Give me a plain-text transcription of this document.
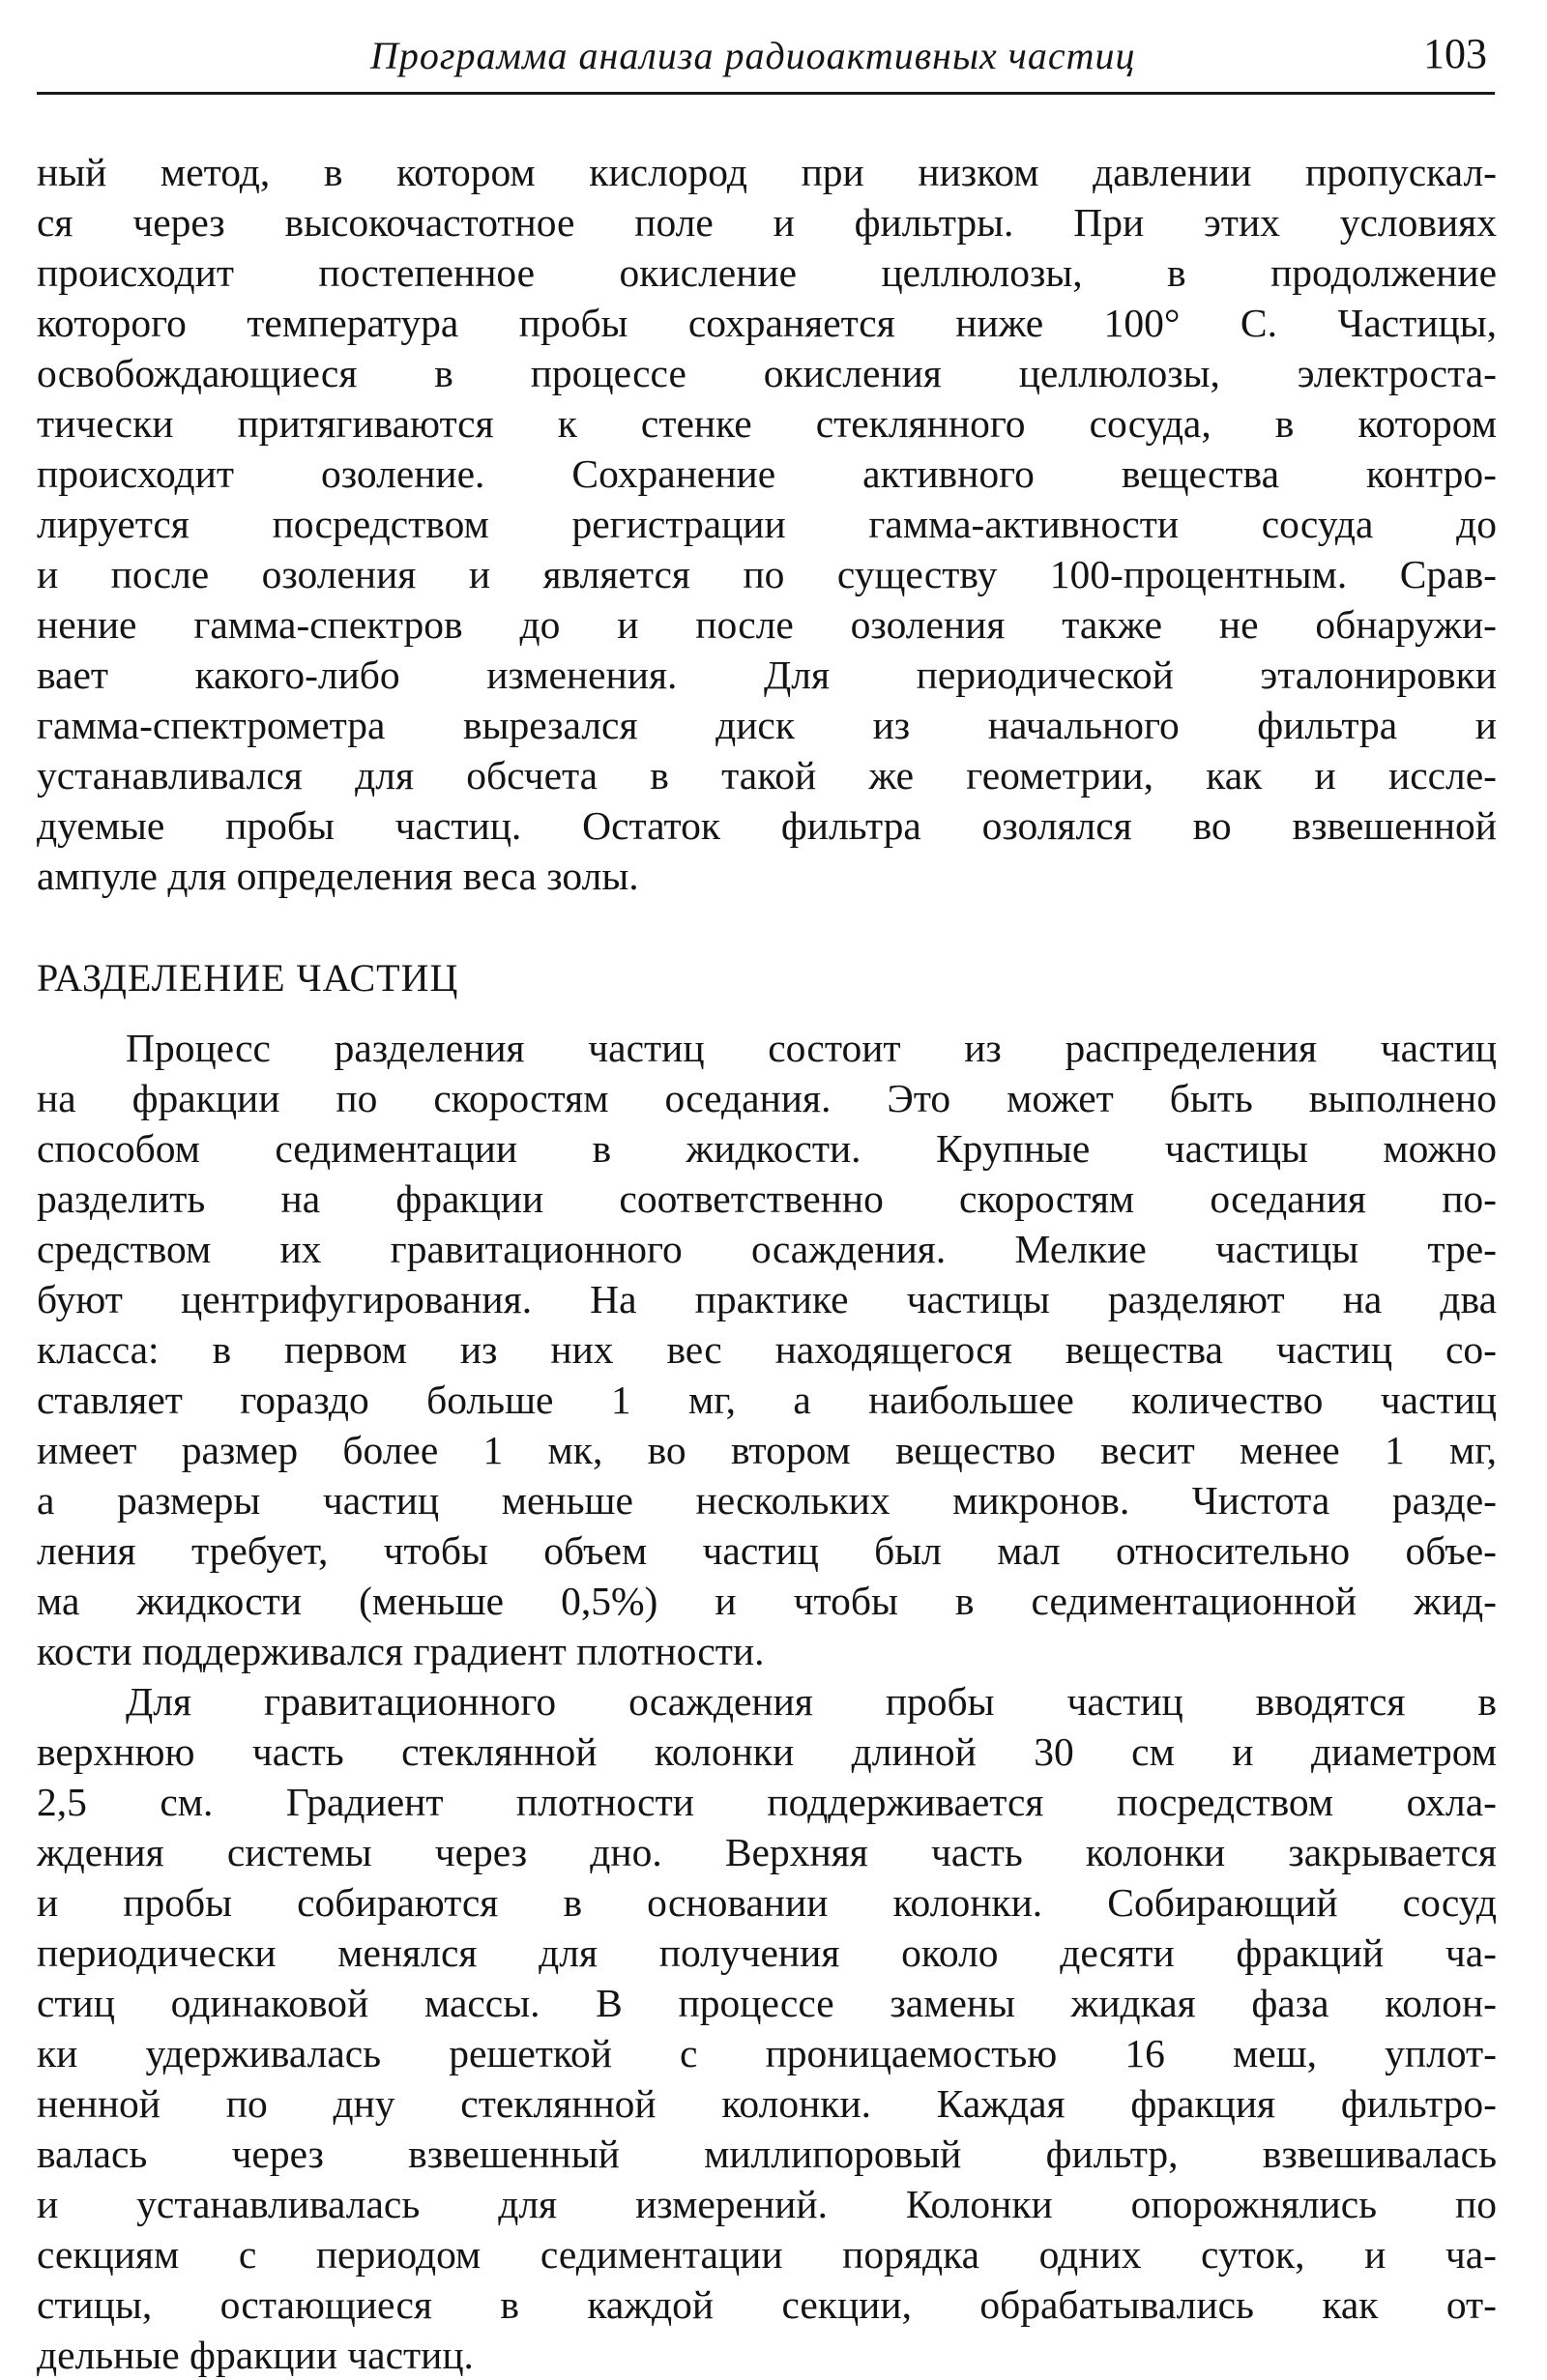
Программа анализа радиоактивных частиц	103
ный метод, в котором кислород при низком давлении пропускал-
ся через высокочастотное поле и фильтры. При этих условиях
происходит постепенное окисление целлюлозы, в продолжение
которого температура пробы сохраняется ниже 100° С. Частицы,
освобождающиеся в процессе окисления целлюлозы, электроста-
тически притягиваются к стенке стеклянного сосуда, в котором
происходит озоление. Сохранение активного вещества контро-
лируется посредством регистрации гамма-активности сосуда до
и после озоления и является по существу 100-процентным. Срав-
нение гамма-спектров до и после озоления также не обнаружи-
вает какого-либо изменения. Для периодической эталонировки
гамма-спектрометра вырезался диск из начального фильтра и
устанавливался для обсчета в такой же геометрии, как и иссле-
дуемые пробы частиц. Остаток фильтра озолялся во взвешенной
ампуле для определения веса золы.
РАЗДЕЛЕНИЕ ЧАСТИЦ
Процесс разделения частиц состоит из распределения частиц
на фракции по скоростям оседания. Это может быть выполнено
способом седиментации в жидкости. Крупные частицы можно
разделить на фракции соответственно скоростям оседания по-
средством их гравитационного осаждения. Мелкие частицы тре-
буют центрифугирования. На практике частицы разделяют на два
класса: в первом из них вес находящегося вещества частиц со-
ставляет гораздо больше 1 мг, а наибольшее количество частиц
имеет размер более 1 мк, во втором вещество весит менее 1 мг,
а размеры частиц меньше нескольких микронов. Чистота разде-
ления требует, чтобы объем частиц был мал относительно объе-
ма жидкости (меньше 0,5%) и чтобы в седиментационной жид-
кости поддерживался градиент плотности.
Для гравитационного осаждения пробы частиц вводятся в
верхнюю часть стеклянной колонки длиной 30 см и диаметром
2,5 см. Градиент плотности поддерживается посредством охла-
ждения системы через дно. Верхняя часть колонки закрывается
и пробы собираются в основании колонки. Собирающий сосуд
периодически менялся для получения около десяти фракций ча-
стиц одинаковой массы. В процессе замены жидкая фаза колон-
ки удерживалась решеткой с проницаемостью 16 меш, уплот-
ненной по дну стеклянной колонки. Каждая фракция фильтро-
валась через взвешенный миллипоровый фильтр, взвешивалась
и устанавливалась для измерений. Колонки опорожнялись по
секциям с периодом седиментации порядка одних суток, и ча-
стицы, остающиеся в каждой секции, обрабатывались как от-
дельные фракции частиц.
